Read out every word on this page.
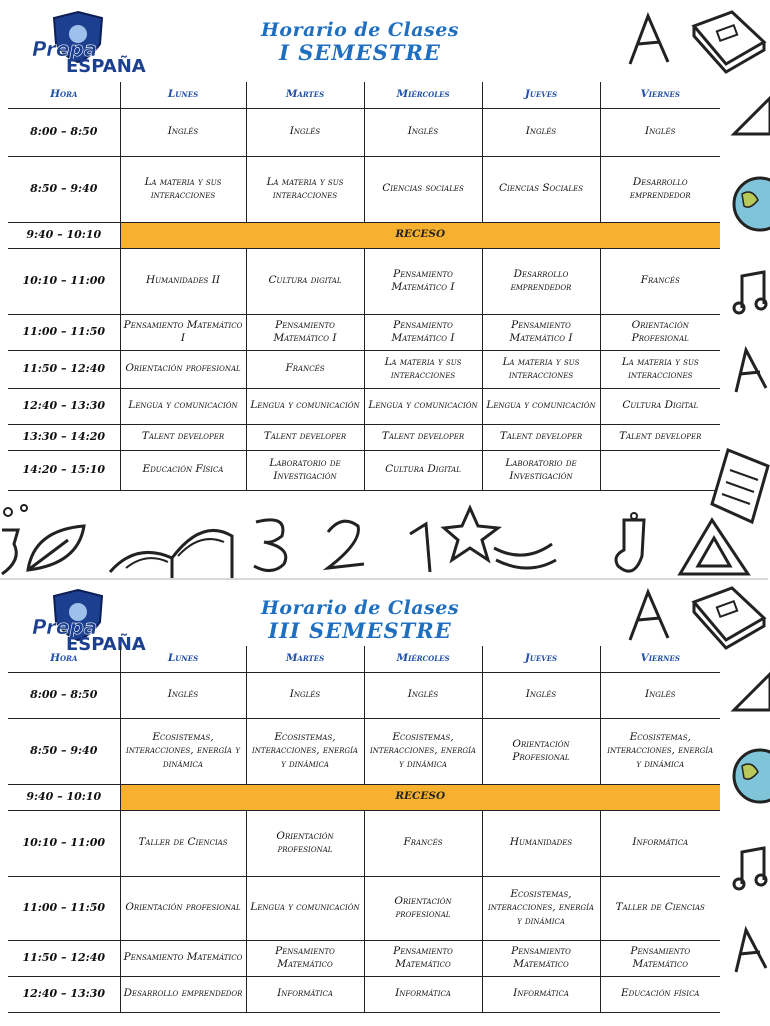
Prepa
ESPAÑA
Horario de Clases
I SEMESTRE
Hora	Lunes	Martes	Miércoles	Jueves	Viernes
8:00 – 8:50	Inglés	Inglés	Inglés	Inglés	Inglés
8:50 – 9:40	La materia y sus interacciones	La materia y sus interacciones	Ciencias sociales	Ciencias Sociales	Desarrollo emprendedor
9:40 – 10:10	RECESO				
10:10 – 11:00	Humanidades II	Cultura digital	Pensamiento Matemático I	Desarrollo emprendedor	Francés
11:00 – 11:50	Pensamiento Matemático I	Pensamiento Matemático I	Pensamiento Matemático I	Pensamiento Matemático I	Orientación Profesional
11:50 – 12:40	Orientación profesional	Francés	La materia y sus interacciones	La materia y sus interacciones	La materia y sus interacciones
12:40 – 13:30	Lengua y comunicación	Lengua y comunicación	Lengua y comunicación	Lengua y comunicación	Cultura Digital
13:30 – 14:20	Talent developer	Talent developer	Talent developer	Talent developer	Talent developer
14:20 – 15:10	Educación Física	Laboratorio de Investigación	Cultura Digital	Laboratorio de Investigación	
Prepa
ESPAÑA
Horario de Clases
III SEMESTRE
Hora	Lunes	Martes	Miércoles	Jueves	Viernes
8:00 – 8:50	Inglés	Inglés	Inglés	Inglés	Inglés
8:50 – 9:40	Ecosistemas, interacciones, energía y dinámica	Ecosistemas, interacciones, energía y dinámica	Ecosistemas, interacciones, energía y dinámica	Orientación Profesional	Ecosistemas, interacciones, energía y dinámica
9:40 – 10:10	RECESO				
10:10 – 11:00	Taller de Ciencias	Orientación profesional	Francés	Humanidades	Informática
11:00 – 11:50	Orientación profesional	Lengua y comunicación	Orientación profesional	Ecosistemas, interacciones, energía y dinámica	Taller de Ciencias
11:50 – 12:40	Pensamiento Matemático	Pensamiento Matemático	Pensamiento Matemático	Pensamiento Matemático	Pensamiento Matemático
12:40 – 13:30	Desarrollo emprendedor	Informática	Informática	Informática	Educación física
